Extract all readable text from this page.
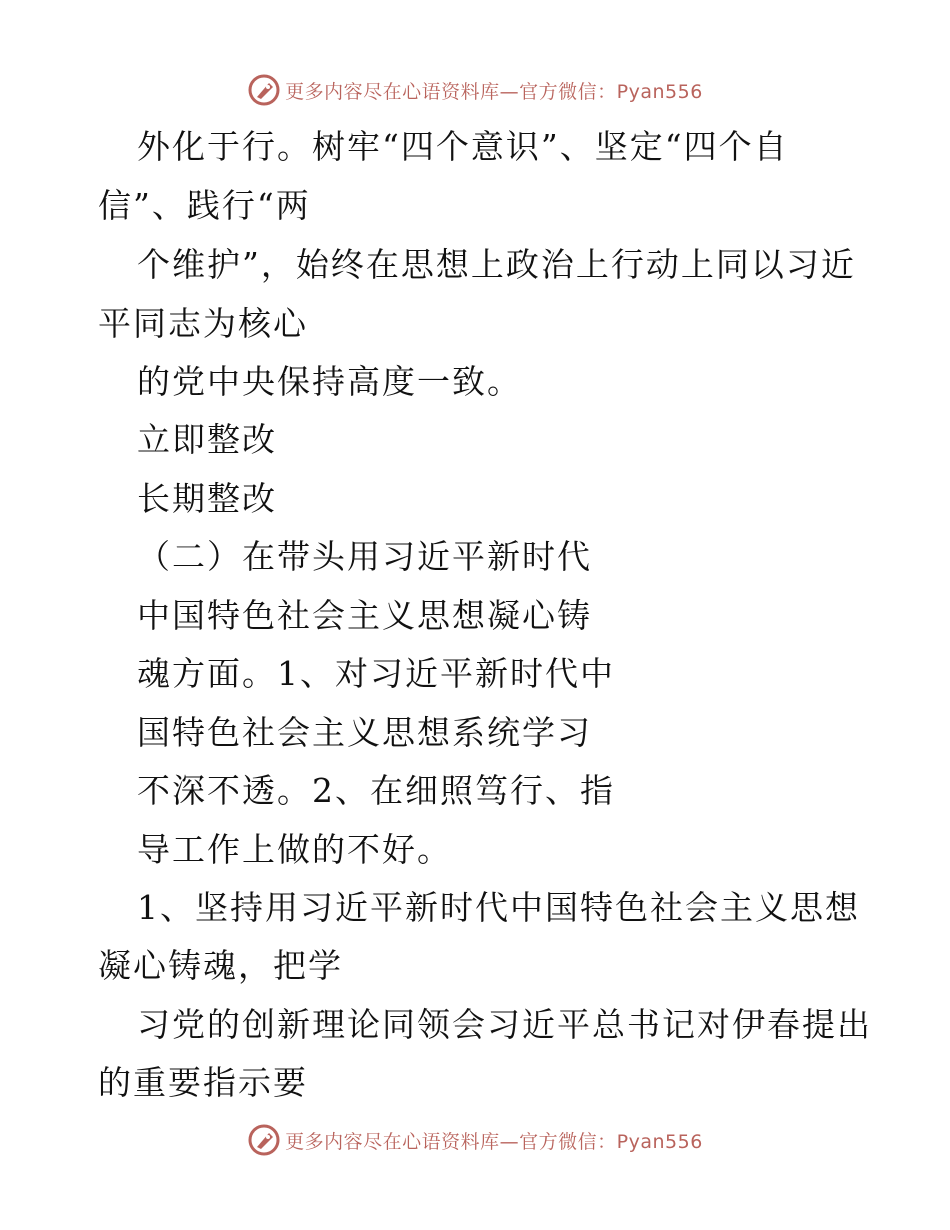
更多内容尽在心语资料库—官方微信：Pyan556
外化于行。树牢“四个意识”、坚定“四个自
信”、践行“两
个维护”，始终在思想上政治上行动上同以习近
平同志为核心
的党中央保持高度一致。
立即整改
长期整改
（二）在带头用习近平新时代
中国特色社会主义思想凝心铸
魂方面。1、对习近平新时代中
国特色社会主义思想系统学习
不深不透。2、在细照笃行、指
导工作上做的不好。
1、坚持用习近平新时代中国特色社会主义思想
凝心铸魂，把学
习党的创新理论同领会习近平总书记对伊春提出
的重要指示要
更多内容尽在心语资料库—官方微信：Pyan556
